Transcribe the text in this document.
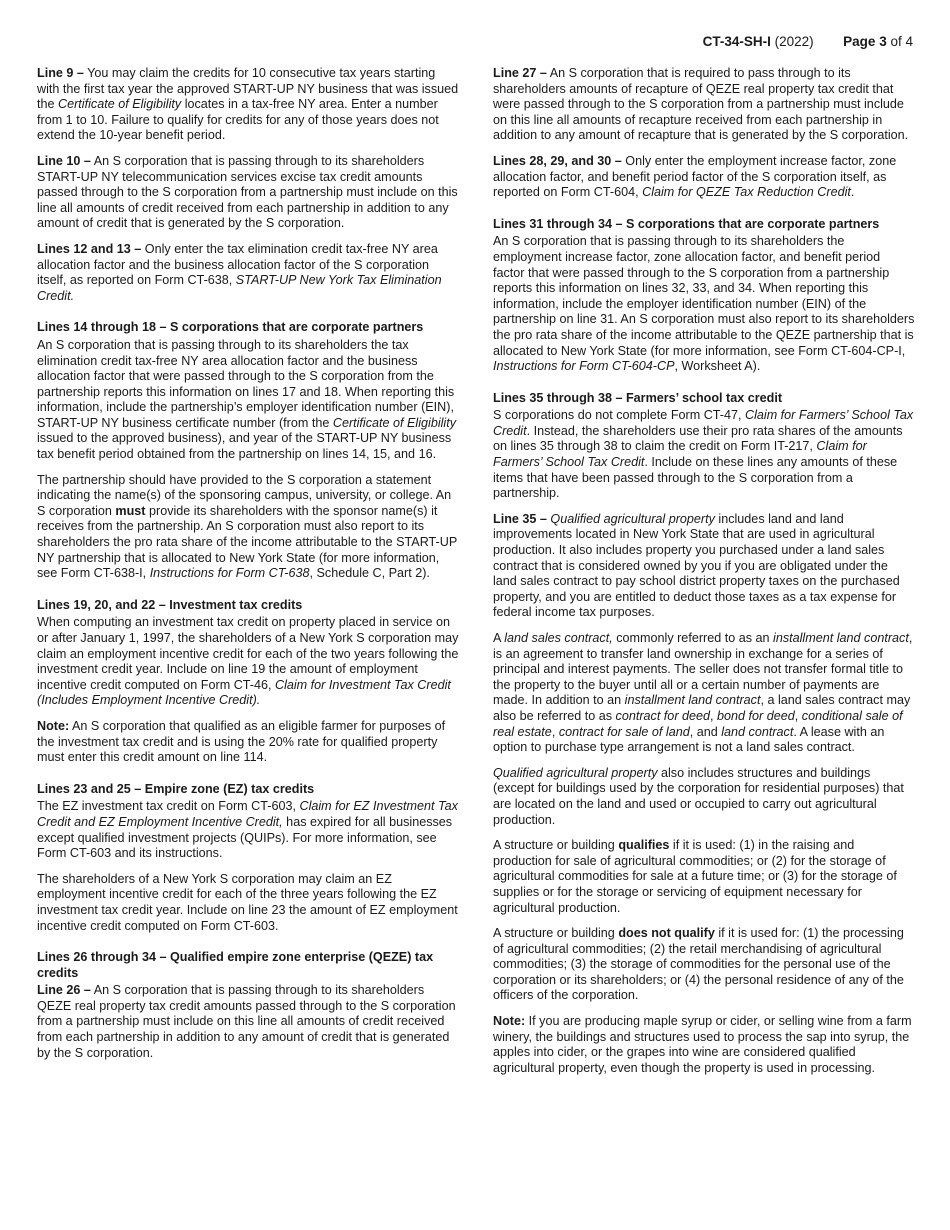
CT-34-SH-I (2022) Page 3 of 4

Line 9 – You may claim the credits for 10 consecutive tax years starting with the first tax year the approved START-UP NY business that was issued the Certificate of Eligibility locates in a tax-free NY area. Enter a number from 1 to 10. Failure to qualify for credits for any of those years does not extend the 10-year benefit period.

Line 10 – An S corporation that is passing through to its shareholders START-UP NY telecommunication services excise tax credit amounts passed through to the S corporation from a partnership must include on this line all amounts of credit received from each partnership in addition to any amount of credit that is generated by the S corporation.

Lines 12 and 13 – Only enter the tax elimination credit tax-free NY area allocation factor and the business allocation factor of the S corporation itself, as reported on Form CT-638, START-UP New York Tax Elimination Credit.

Lines 14 through 18 – S corporations that are corporate partners

An S corporation that is passing through to its shareholders the tax elimination credit tax-free NY area allocation factor and the business allocation factor that were passed through to the S corporation from the partnership reports this information on lines 17 and 18. When reporting this information, include the partnership’s employer identification number (EIN), START-UP NY business certificate number (from the Certificate of Eligibility issued to the approved business), and year of the START-UP NY business tax benefit period obtained from the partnership on lines 14, 15, and 16.

The partnership should have provided to the S corporation a statement indicating the name(s) of the sponsoring campus, university, or college. An S corporation must provide its shareholders with the sponsor name(s) it receives from the partnership. An S corporation must also report to its shareholders the pro rata share of the income attributable to the START-UP NY partnership that is allocated to New York State (for more information, see Form CT-638-I, Instructions for Form CT-638, Schedule C, Part 2).

Lines 19, 20, and 22 – Investment tax credits

When computing an investment tax credit on property placed in service on or after January 1, 1997, the shareholders of a New York S corporation may claim an employment incentive credit for each of the two years following the investment credit year. Include on line 19 the amount of employment incentive credit computed on Form CT-46, Claim for Investment Tax Credit (Includes Employment Incentive Credit).

Note: An S corporation that qualified as an eligible farmer for purposes of the investment tax credit and is using the 20% rate for qualified property must enter this credit amount on line 114.

Lines 23 and 25 – Empire zone (EZ) tax credits

The EZ investment tax credit on Form CT-603, Claim for EZ Investment Tax Credit and EZ Employment Incentive Credit, has expired for all businesses except qualified investment projects (QUIPs). For more information, see Form CT-603 and its instructions.

The shareholders of a New York S corporation may claim an EZ employment incentive credit for each of the three years following the EZ investment tax credit year. Include on line 23 the amount of EZ employment incentive credit computed on Form CT-603.

Lines 26 through 34 – Qualified empire zone enterprise (QEZE) tax credits

Line 26 – An S corporation that is passing through to its shareholders QEZE real property tax credit amounts passed through to the S corporation from a partnership must include on this line all amounts of credit received from each partnership in addition to any amount of credit that is generated by the S corporation.

Line 27 – An S corporation that is required to pass through to its shareholders amounts of recapture of QEZE real property tax credit that were passed through to the S corporation from a partnership must include on this line all amounts of recapture received from each partnership in addition to any amount of recapture that is generated by the S corporation.

Lines 28, 29, and 30 – Only enter the employment increase factor, zone allocation factor, and benefit period factor of the S corporation itself, as reported on Form CT-604, Claim for QEZE Tax Reduction Credit.

Lines 31 through 34 – S corporations that are corporate partners

An S corporation that is passing through to its shareholders the employment increase factor, zone allocation factor, and benefit period factor that were passed through to the S corporation from a partnership reports this information on lines 32, 33, and 34. When reporting this information, include the employer identification number (EIN) of the partnership on line 31. An S corporation must also report to its shareholders the pro rata share of the income attributable to the QEZE partnership that is allocated to New York State (for more information, see Form CT-604-CP-I, Instructions for Form CT-604-CP, Worksheet A).

Lines 35 through 38 – Farmers’ school tax credit

S corporations do not complete Form CT-47, Claim for Farmers’ School Tax Credit. Instead, the shareholders use their pro rata shares of the amounts on lines 35 through 38 to claim the credit on Form IT-217, Claim for Farmers’ School Tax Credit. Include on these lines any amounts of these items that have been passed through to the S corporation from a partnership.

Line 35 – Qualified agricultural property includes land and land improvements located in New York State that are used in agricultural production. It also includes property you purchased under a land sales contract that is considered owned by you if you are obligated under the land sales contract to pay school district property taxes on the purchased property, and you are entitled to deduct those taxes as a tax expense for federal income tax purposes.

A land sales contract, commonly referred to as an installment land contract, is an agreement to transfer land ownership in exchange for a series of principal and interest payments. The seller does not transfer formal title to the property to the buyer until all or a certain number of payments are made. In addition to an installment land contract, a land sales contract may also be referred to as contract for deed, bond for deed, conditional sale of real estate, contract for sale of land, and land contract. A lease with an option to purchase type arrangement is not a land sales contract.

Qualified agricultural property also includes structures and buildings (except for buildings used by the corporation for residential purposes) that are located on the land and used or occupied to carry out agricultural production.

A structure or building qualifies if it is used: (1) in the raising and production for sale of agricultural commodities; or (2) for the storage of agricultural commodities for sale at a future time; or (3) for the storage of supplies or for the storage or servicing of equipment necessary for agricultural production.

A structure or building does not qualify if it is used for: (1) the processing of agricultural commodities; (2) the retail merchandising of agricultural commodities; (3) the storage of commodities for the personal use of the corporation or its shareholders; or (4) the personal residence of any of the officers of the corporation.

Note: If you are producing maple syrup or cider, or selling wine from a farm winery, the buildings and structures used to process the sap into syrup, the apples into cider, or the grapes into wine are considered qualified agricultural property, even though the property is used in processing.
